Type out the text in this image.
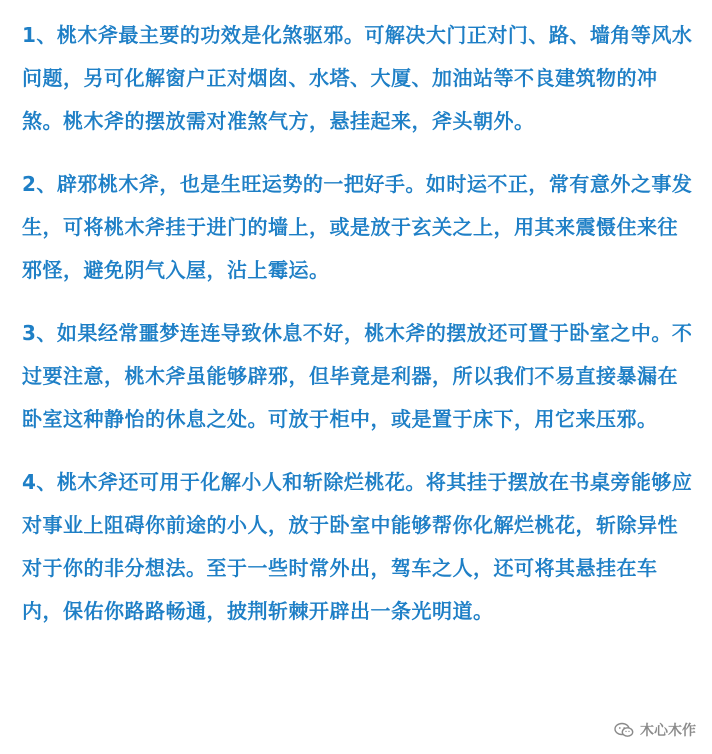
1、桃木斧最主要的功效是化煞驱邪。可解决大门正对门、路、墙角等风水问题，另可化解窗户正对烟囱、水塔、大厦、加油站等不良建筑物的冲煞。桃木斧的摆放需对准煞气方，悬挂起来，斧头朝外。

2、辟邪桃木斧，也是生旺运势的一把好手。如时运不正，常有意外之事发生，可将桃木斧挂于进门的墙上，或是放于玄关之上，用其来震慑住来往邪怪，避免阴气入屋，沾上霉运。

3、如果经常噩梦连连导致休息不好，桃木斧的摆放还可置于卧室之中。不过要注意，桃木斧虽能够辟邪，但毕竟是利器，所以我们不易直接暴漏在卧室这种静怡的休息之处。可放于柜中，或是置于床下，用它来压邪。

4、桃木斧还可用于化解小人和斩除烂桃花。将其挂于摆放在书桌旁能够应对事业上阻碍你前途的小人，放于卧室中能够帮你化解烂桃花，斩除异性对于你的非分想法。至于一些时常外出，驾车之人，还可将其悬挂在车内，保佑你路路畅通，披荆斩棘开辟出一条光明道。

木心木作
